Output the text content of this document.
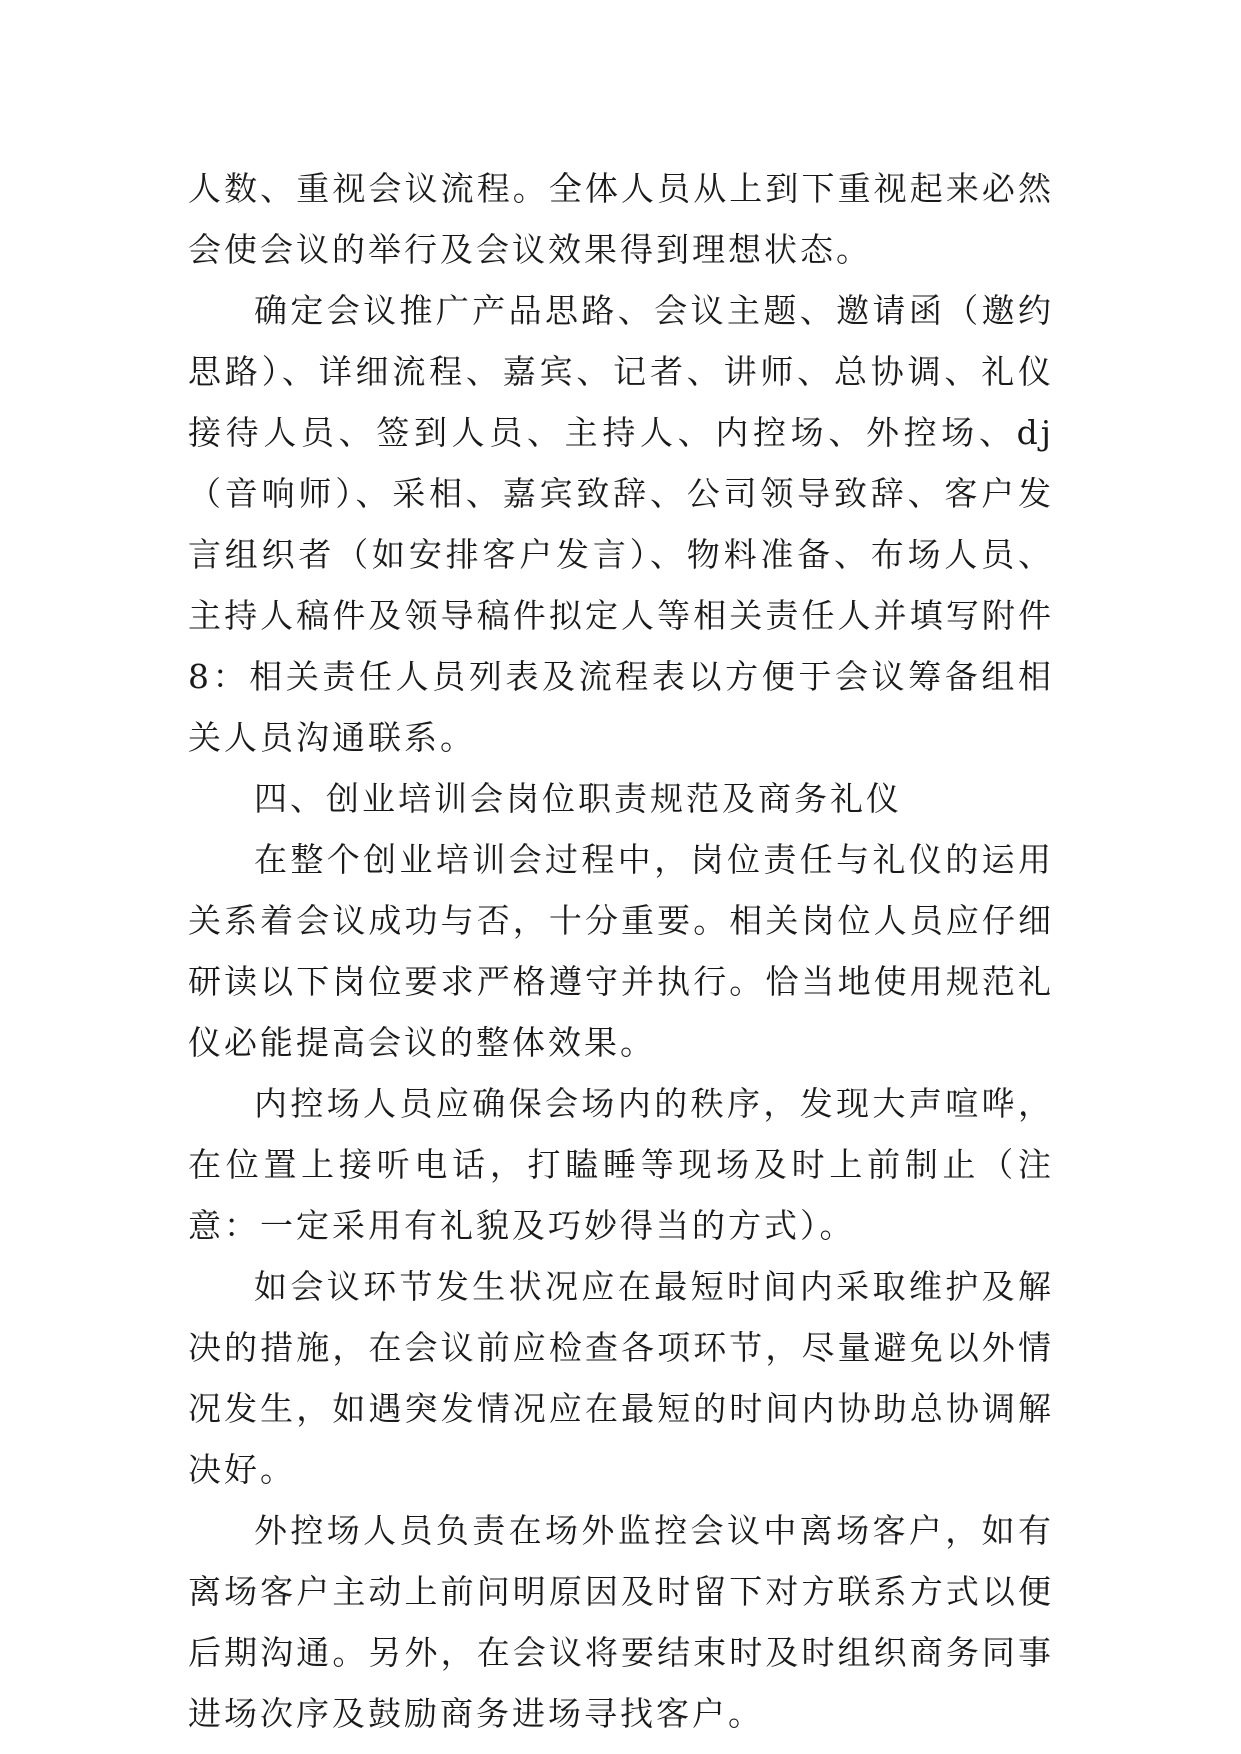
人数、重视会议流程。全体人员从上到下重视起来必然会使会议的举行及会议效果得到理想状态。

确定会议推广产品思路、会议主题、邀请函（邀约思路）、详细流程、嘉宾、记者、讲师、总协调、礼仪接待人员、签到人员、主持人、内控场、外控场、dj（音响师）、采相、嘉宾致辞、公司领导致辞、客户发言组织者（如安排客户发言）、物料准备、布场人员、主持人稿件及领导稿件拟定人等相关责任人并填写附件8：相关责任人员列表及流程表以方便于会议筹备组相关人员沟通联系。

四、创业培训会岗位职责规范及商务礼仪

在整个创业培训会过程中，岗位责任与礼仪的运用关系着会议成功与否，十分重要。相关岗位人员应仔细研读以下岗位要求严格遵守并执行。恰当地使用规范礼仪必能提高会议的整体效果。

内控场人员应确保会场内的秩序，发现大声喧哗，在位置上接听电话，打瞌睡等现场及时上前制止（注意：一定采用有礼貌及巧妙得当的方式）。

如会议环节发生状况应在最短时间内采取维护及解决的措施，在会议前应检查各项环节，尽量避免以外情况发生，如遇突发情况应在最短的时间内协助总协调解决好。

外控场人员负责在场外监控会议中离场客户，如有离场客户主动上前问明原因及时留下对方联系方式以便后期沟通。另外，在会议将要结束时及时组织商务同事进场次序及鼓励商务进场寻找客户。
